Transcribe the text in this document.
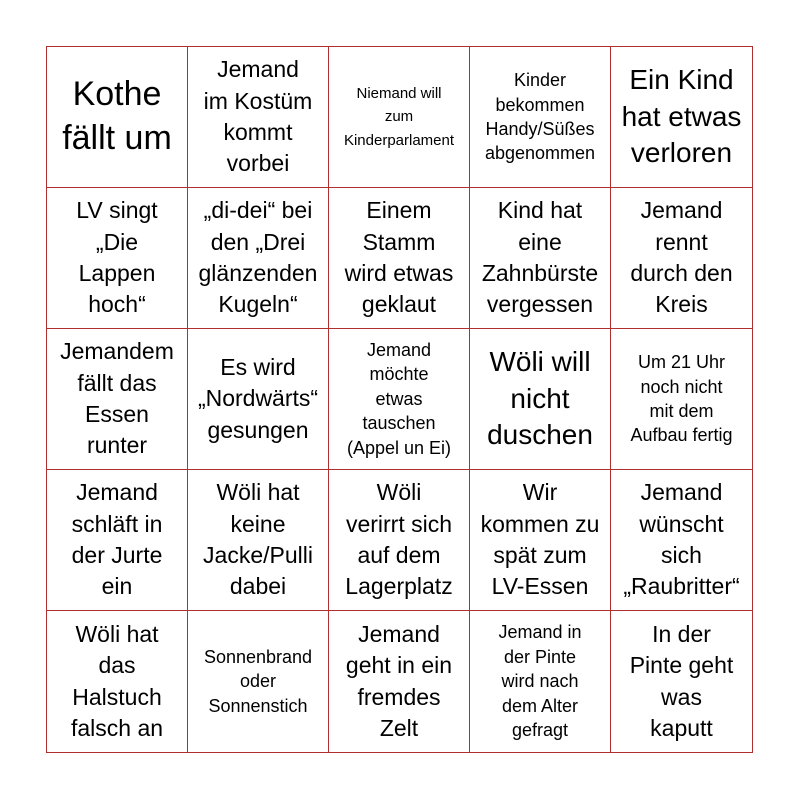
Kothe
fällt um
Jemand
im Kostüm
kommt
vorbei
Niemand will
zum
Kinderparlament
Kinder
bekommen
Handy/Süßes
abgenommen
Ein Kind
hat etwas
verloren
LV singt
„Die
Lappen
hoch“
„di-dei“ bei
den „Drei
glänzenden
Kugeln“
Einem
Stamm
wird etwas
geklaut
Kind hat
eine
Zahnbürste
vergessen
Jemand
rennt
durch den
Kreis
Jemandem
fällt das
Essen
runter
Es wird
„Nordwärts“
gesungen
Jemand
möchte
etwas
tauschen
(Appel un Ei)
Wöli will
nicht
duschen
Um 21 Uhr
noch nicht
mit dem
Aufbau fertig
Jemand
schläft in
der Jurte
ein
Wöli hat
keine
Jacke/Pulli
dabei
Wöli
verirrt sich
auf dem
Lagerplatz
Wir
kommen zu
spät zum
LV-Essen
Jemand
wünscht
sich
„Raubritter“
Wöli hat
das
Halstuch
falsch an
Sonnenbrand
oder
Sonnenstich
Jemand
geht in ein
fremdes
Zelt
Jemand in
der Pinte
wird nach
dem Alter
gefragt
In der
Pinte geht
was
kaputt
